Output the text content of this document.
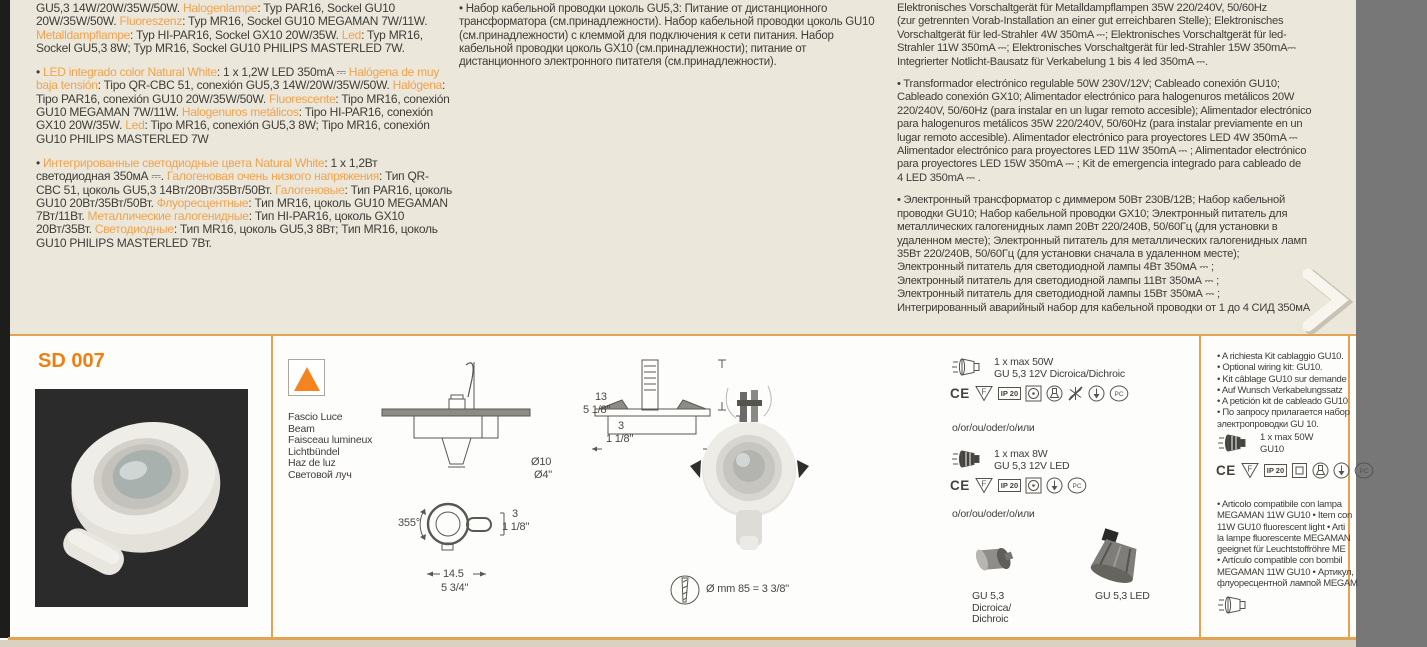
GU5,3 14W/20W/35W/50W. Halogenlampe: Typ PAR16, Sockel GU10 20W/35W/50W. Fluoreszenz: Typ MR16, Sockel GU10 MEGAMAN 7W/11W. Metalldampflampe: Typ HI-PAR16, Sockel GX10 20W/35W. Led: Typ MR16, Sockel GU5,3 8W; Typ MR16, Sockel GU10 PHILIPS MASTERLED 7W.

• LED integrado color Natural White: 1 x 1,2W LED 350mA ⎓ Halógena de muy baja tensión: Tipo QR-CBC 51, conexión GU5,3 14W/20W/35W/50W. Halógena: Tipo PAR16, conexión GU10 20W/35W/50W. Fluorescente: Tipo MR16, conexión GU10 MEGAMAN 7W/11W. Halogenuros metálicos: Tipo HI-PAR16, conexión GX10 20W/35W. Led: Tipo MR16, conexión GU5,3 8W; Tipo MR16, conexión GU10 PHILIPS MASTERLED 7W

• Интегрированные светодиодные цвета Natural White: 1 x 1,2Вт светодиодная 350мА ⎓. Галогеновая очень низкого напряжения: Тип QR-CBC 51, цоколь GU5,3 14Вт/20Вт/35Вт/50Вт. Галогеновые: Тип PAR16, цоколь GU10 20Вт/35Вт/50Вт. Флуоресцентные: Тип MR16, цоколь GU10 MEGAMAN 7Вт/11Вт. Металлические галогенидные: Тип HI-PAR16, цоколь GX10 20Вт/35Вт. Светодиодные: Тип MR16, цоколь GU5,3 8Вт; Тип MR16, цоколь GU10 PHILIPS MASTERLED 7Вт.

• Набор кабельной проводки цоколь GU5,3: Питание от дистанционного трансформатора (см.принадлежности). Набор кабельной проводки цоколь GU10 (см.принадлежности) с клеммой для подключения к сети питания. Набор кабельной проводки цоколь GX10 (см.принадлежности); питание от дистанционного электронного питателя (см.принадлежности).

Elektronisches Vorschaltgerät für Metalldampflampen 35W 220/240V, 50/60Hz
(zur getrennten Vorab-Installation an einer gut erreichbaren Stelle); Elektronisches
Vorschaltgerät für led-Strahler 4W 350mA ⎓; Elektronisches Vorschaltgerät für led-
Strahler 11W 350mA ⎓; Elektronisches Vorschaltgerät für led-Strahler 15W 350mA⎓
Integrierter Notlicht-Bausatz für Verkabelung 1 bis 4 led 350mA ⎓.
• Transformador electrónico regulable 50W 230V/12V; Cableado conexión GU10;
Cableado conexión GX10; Alimentador electrónico para halogenuros metálicos 20W
220/240V, 50/60Hz (para instalar en un lugar remoto accesible); Alimentador electrónico
para halogenuros metálicos 35W 220/240V, 50/60Hz (para instalar previamente en un
lugar remoto accesible). Alimentador electrónico para proyectores LED 4W 350mA ⎓
Alimentador electrónico para proyectores LED 11W 350mA ⎓ ; Alimentador electrónico
para proyectores LED 15W 350mA ⎓ ; Kit de emergencia integrado para cableado de
4 LED 350mA ⎓ .
• Электронный трансформатор с диммером 50Вт 230В/12В; Набор кабельной
проводки GU10; Набор кабельной проводки GX10; Электронный питатель для
металлических галогенидных ламп 20Вт 220/240В, 50/60Гц (для установки в
удаленном месте); Электронный питатель для металлических галогенидных ламп
35Вт 220/240В, 50/60Гц (для установки сначала в удаленном месте);
Электронный питатель для светодиодной лампы 4Вт 350мА ⎓ ;
Электронный питатель для светодиодной лампы 11Вт 350мА ⎓ ;
Электронный питатель для светодиодной лампы 15Вт 350мА ⎓ ;
Интегрированный аварийный набор для кабельной проводки от 1 до 4 СИД 350мА
SD 007
Fascio Luce
Beam
Faisceau lumineux
Lichtbündel
Haz de luz
Световой луч
13
5 1/8"
3
1 1/8"
Ø10
Ø4"
355°
3
1 1/8"
14.5
5 3/4"	Ø mm 85 = 3 3/8"
1 x max 50W
GU 5,3 12V Dicroica/Dichroic
CE F	IP 20	PC
o/or/ou/oder/o/или
1 x max 8W
GU 5,3 12V LED
CE F	IP 20	PC
o/or/ou/oder/o/или
GU 5,3
Dicroica/
Dichroic
GU 5,3 LED
• A richiesta Kit cablaggio GU10.
• Optional wiring kit: GU10.
• Kit câblage GU10 sur demande
• Auf Wunsch Verkabelungssatz
• A petición kit de cableado GU10
• По запросу прилагается набор
электропроводки GU 10.
1 x max 50W
GU10
CE F	IP 20	PC
• Articolo compatibile con lampa
MEGAMAN 11W GU10 • Item con
11W GU10 fluorescent light • Arti
la lampe fluorescente MEGAMAN
geeignet für Leuchtstoffröhre ME
• Artículo compatible con bombil
MEGAMAN 11W GU10 • Артикул,
флуоресцентной лампой MEGAM
